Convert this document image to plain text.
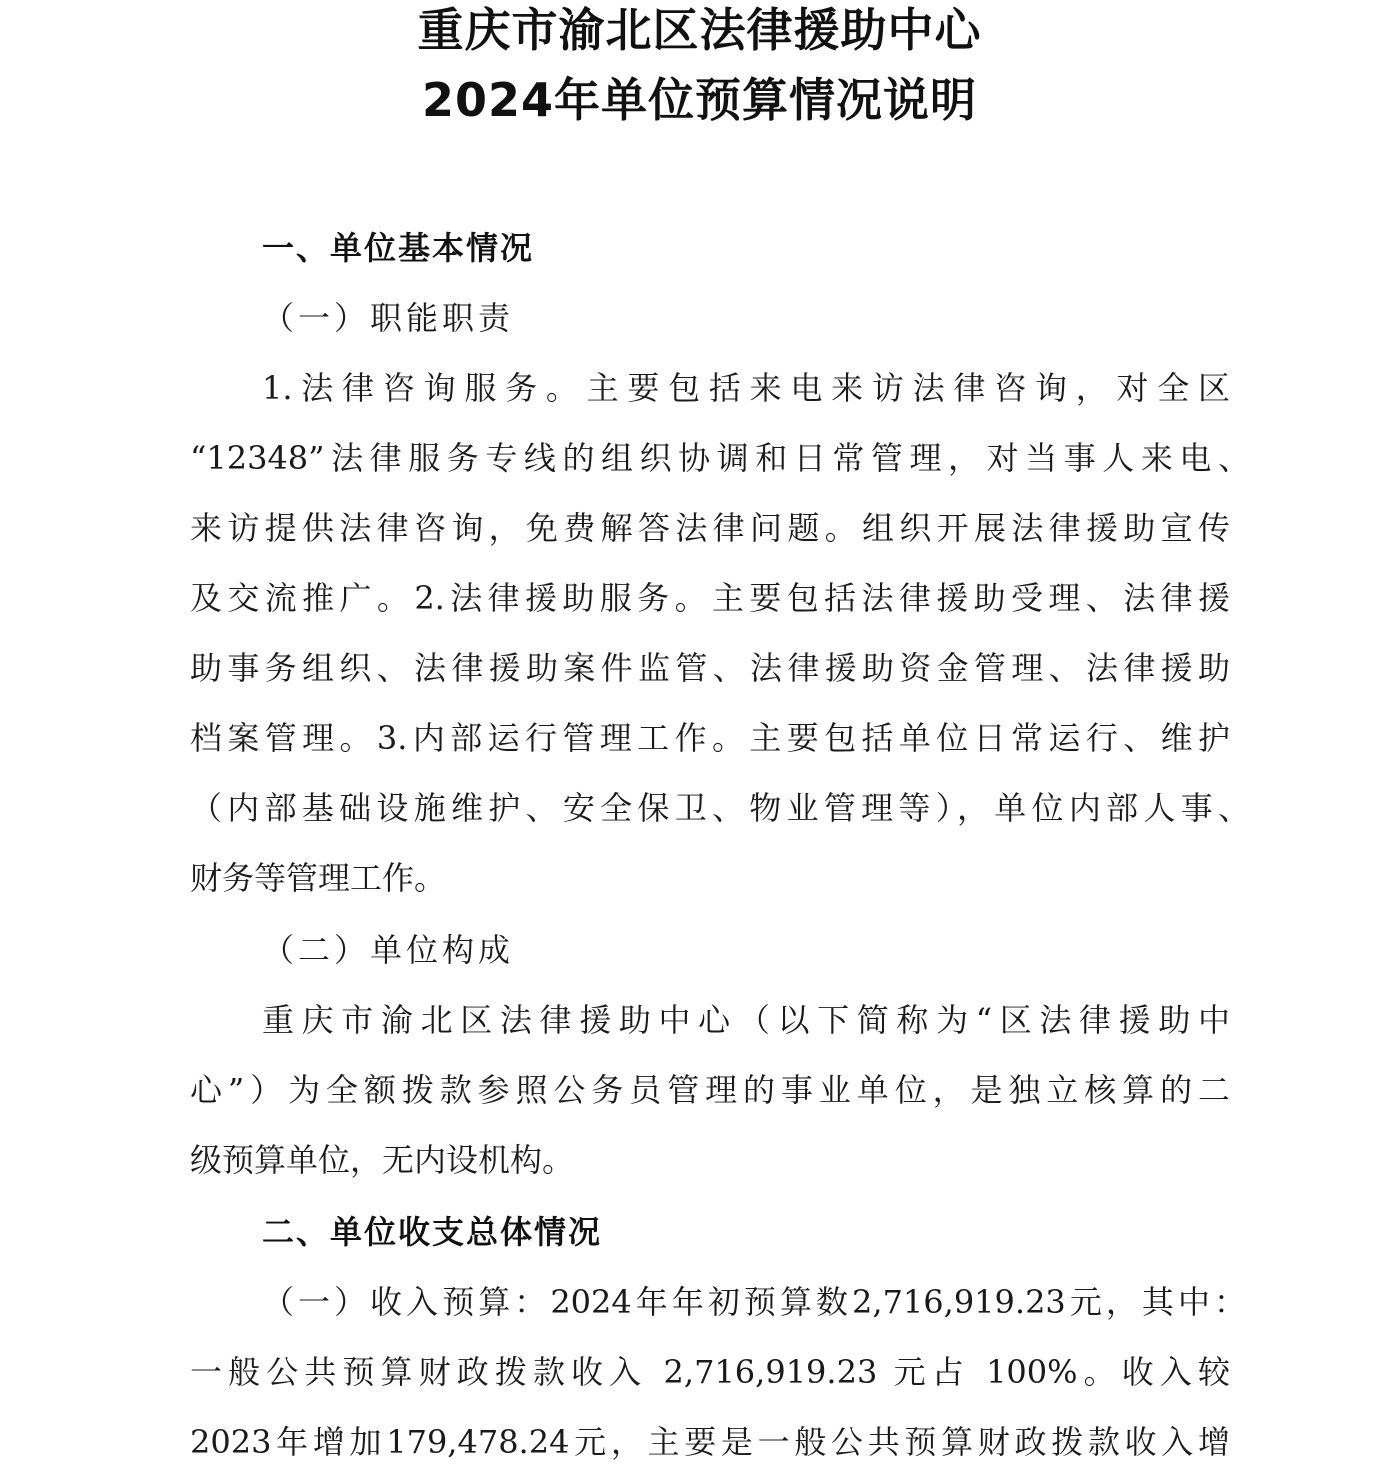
重庆市渝北区法律援助中心
2024年单位预算情况说明
一、单位基本情况
（一）职能职责
1.法律咨询服务。主要包括来电来访法律咨询，对全区
“12348”法律服务专线的组织协调和日常管理，对当事人来电、
来访提供法律咨询，免费解答法律问题。组织开展法律援助宣传
及交流推广。2.法律援助服务。主要包括法律援助受理、法律援
助事务组织、法律援助案件监管、法律援助资金管理、法律援助
档案管理。3.内部运行管理工作。主要包括单位日常运行、维护
（内部基础设施维护、安全保卫、物业管理等），单位内部人事、
财务等管理工作。
（二）单位构成
重庆市渝北区法律援助中心（以下简称为“区法律援助中
心”）为全额拨款参照公务员管理的事业单位，是独立核算的二
级预算单位，无内设机构。
二、单位收支总体情况
（一）收入预算：2024年年初预算数2,716,919.23元，其中：
一般公共预算财政拨款收入 2,716,919.23 元占 100%。收入较
2023年增加179,478.24元，主要是一般公共预算财政拨款收入增
